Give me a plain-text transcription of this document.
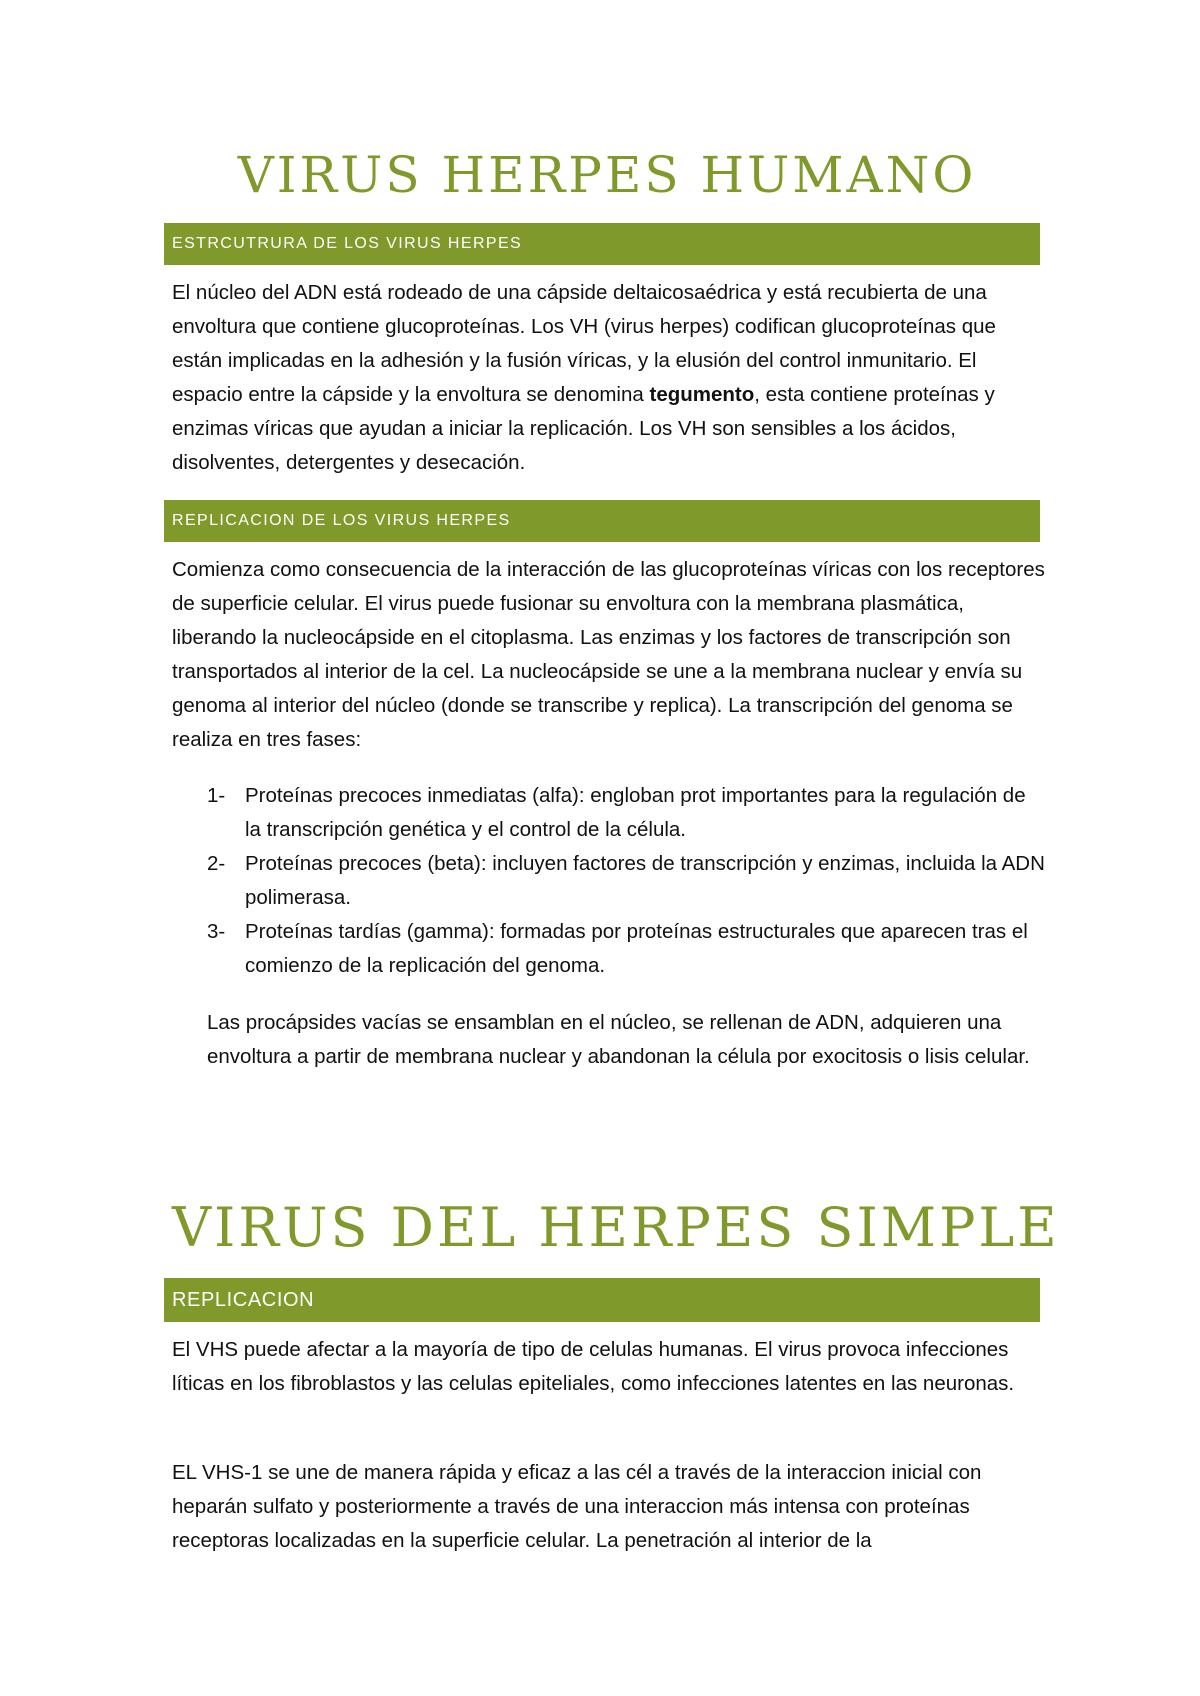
VIRUS HERPES HUMANO
ESTRCUTRURA DE LOS VIRUS HERPES

El núcleo del ADN está rodeado de una cápside deltaicosaédrica y está recubierta de una envoltura que contiene glucoproteínas. Los VH (virus herpes) codifican glucoproteínas que están implicadas en la adhesión y la fusión víricas, y la elusión del control inmunitario. El espacio entre la cápside y la envoltura se denomina tegumento, esta contiene proteínas y enzimas víricas que ayudan a iniciar la replicación. Los VH son sensibles a los ácidos, disolventes, detergentes y desecación.

REPLICACION DE LOS VIRUS HERPES

Comienza como consecuencia de la interacción de las glucoproteínas víricas con los receptores de superficie celular. El virus puede fusionar su envoltura con la membrana plasmática, liberando la nucleocápside en el citoplasma. Las enzimas y los factores de transcripción son transportados al interior de la cel. La nucleocápside se une a la membrana nuclear y envía su genoma al interior del núcleo (donde se transcribe y replica). La transcripción del genoma se realiza en tres fases:

1- Proteínas precoces inmediatas (alfa): engloban prot importantes para la regulación de la transcripción genética y el control de la célula.
2- Proteínas precoces (beta): incluyen factores de transcripción y enzimas, incluida la ADN polimerasa.
3- Proteínas tardías (gamma): formadas por proteínas estructurales que aparecen tras el comienzo de la replicación del genoma.

Las procápsides vacías se ensamblan en el núcleo, se rellenan de ADN, adquieren una envoltura a partir de membrana nuclear y abandonan la célula por exocitosis o lisis celular.

VIRUS DEL HERPES SIMPLE
REPLICACION

El VHS puede afectar a la mayoría de tipo de celulas humanas. El virus provoca infecciones líticas en los fibroblastos y las celulas epiteliales, como infecciones latentes en las neuronas.

EL VHS-1 se une de manera rápida y eficaz a las cél a través de la interaccion inicial con heparán sulfato y posteriormente a través de una interaccion más intensa con proteínas receptoras localizadas en la superficie celular. La penetración al interior de la
